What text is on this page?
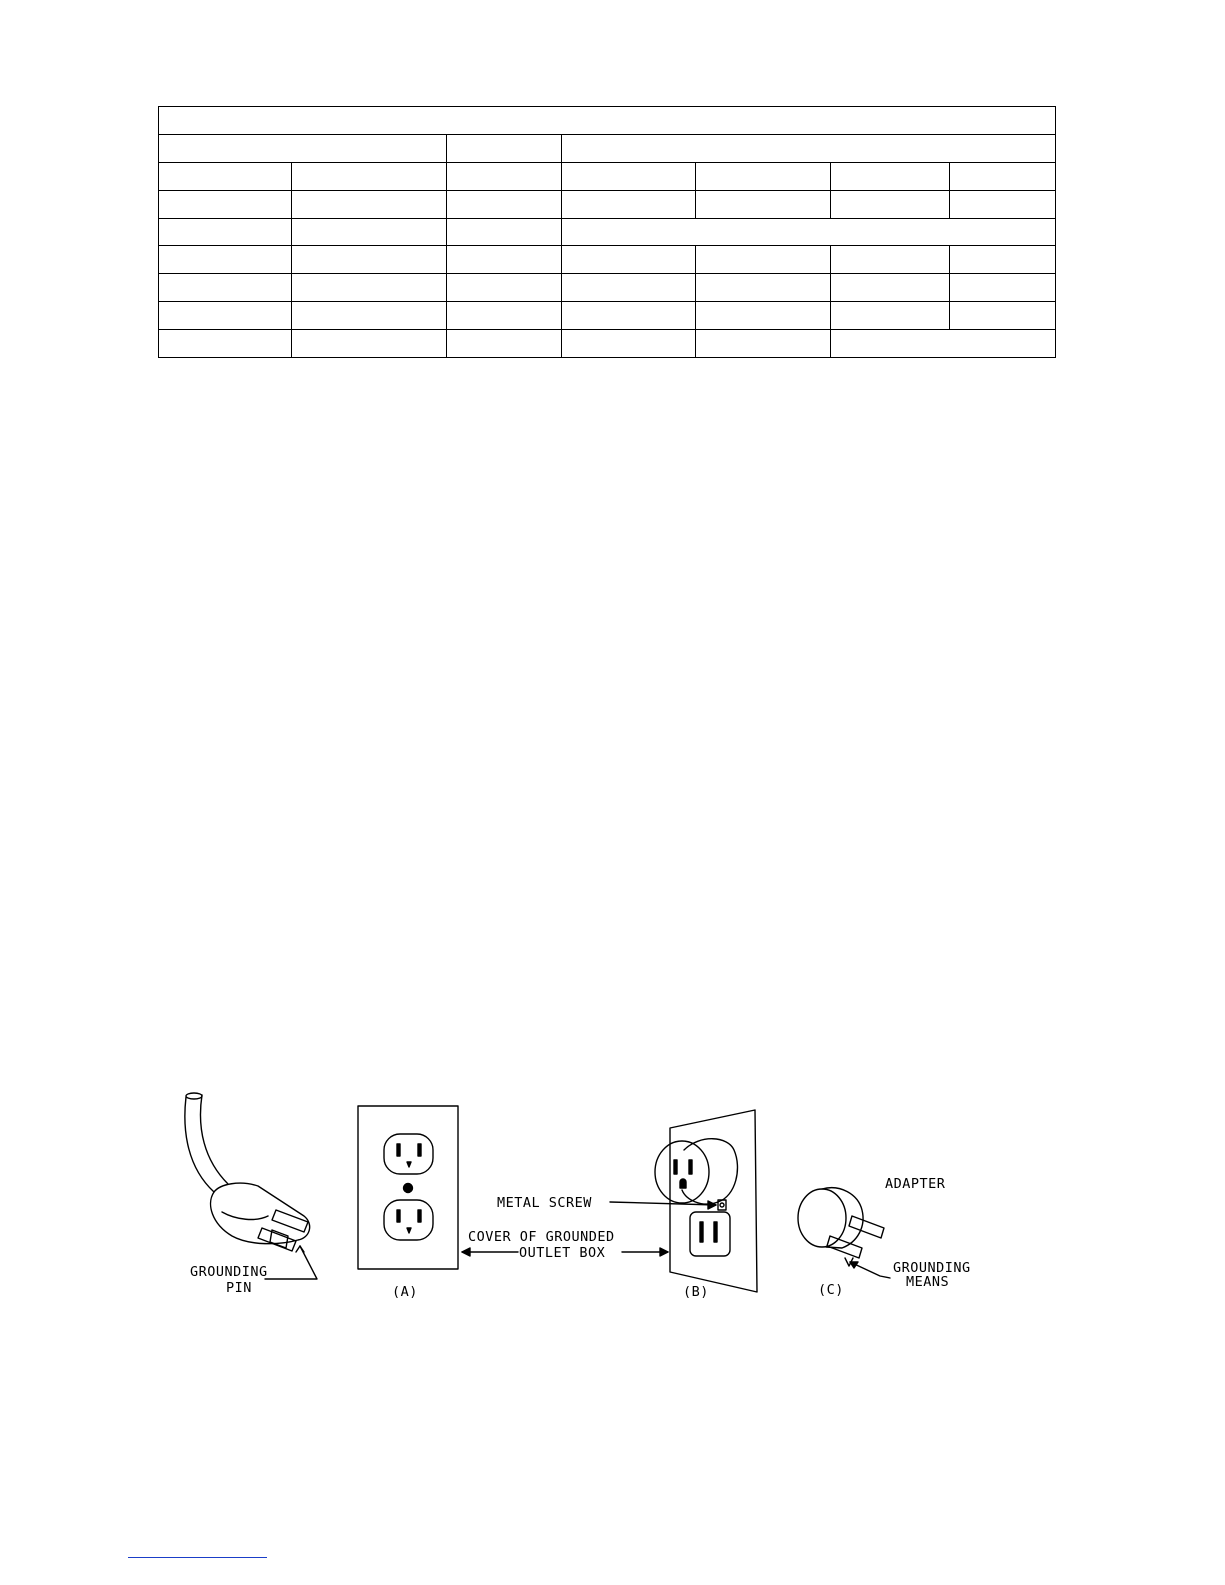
GROUNDING
PIN	(A)
COVER OF GROUNDED
OUTLET BOX
METAL SCREW
(B)
ADAPTER
GROUNDING
MEANS
(C)
